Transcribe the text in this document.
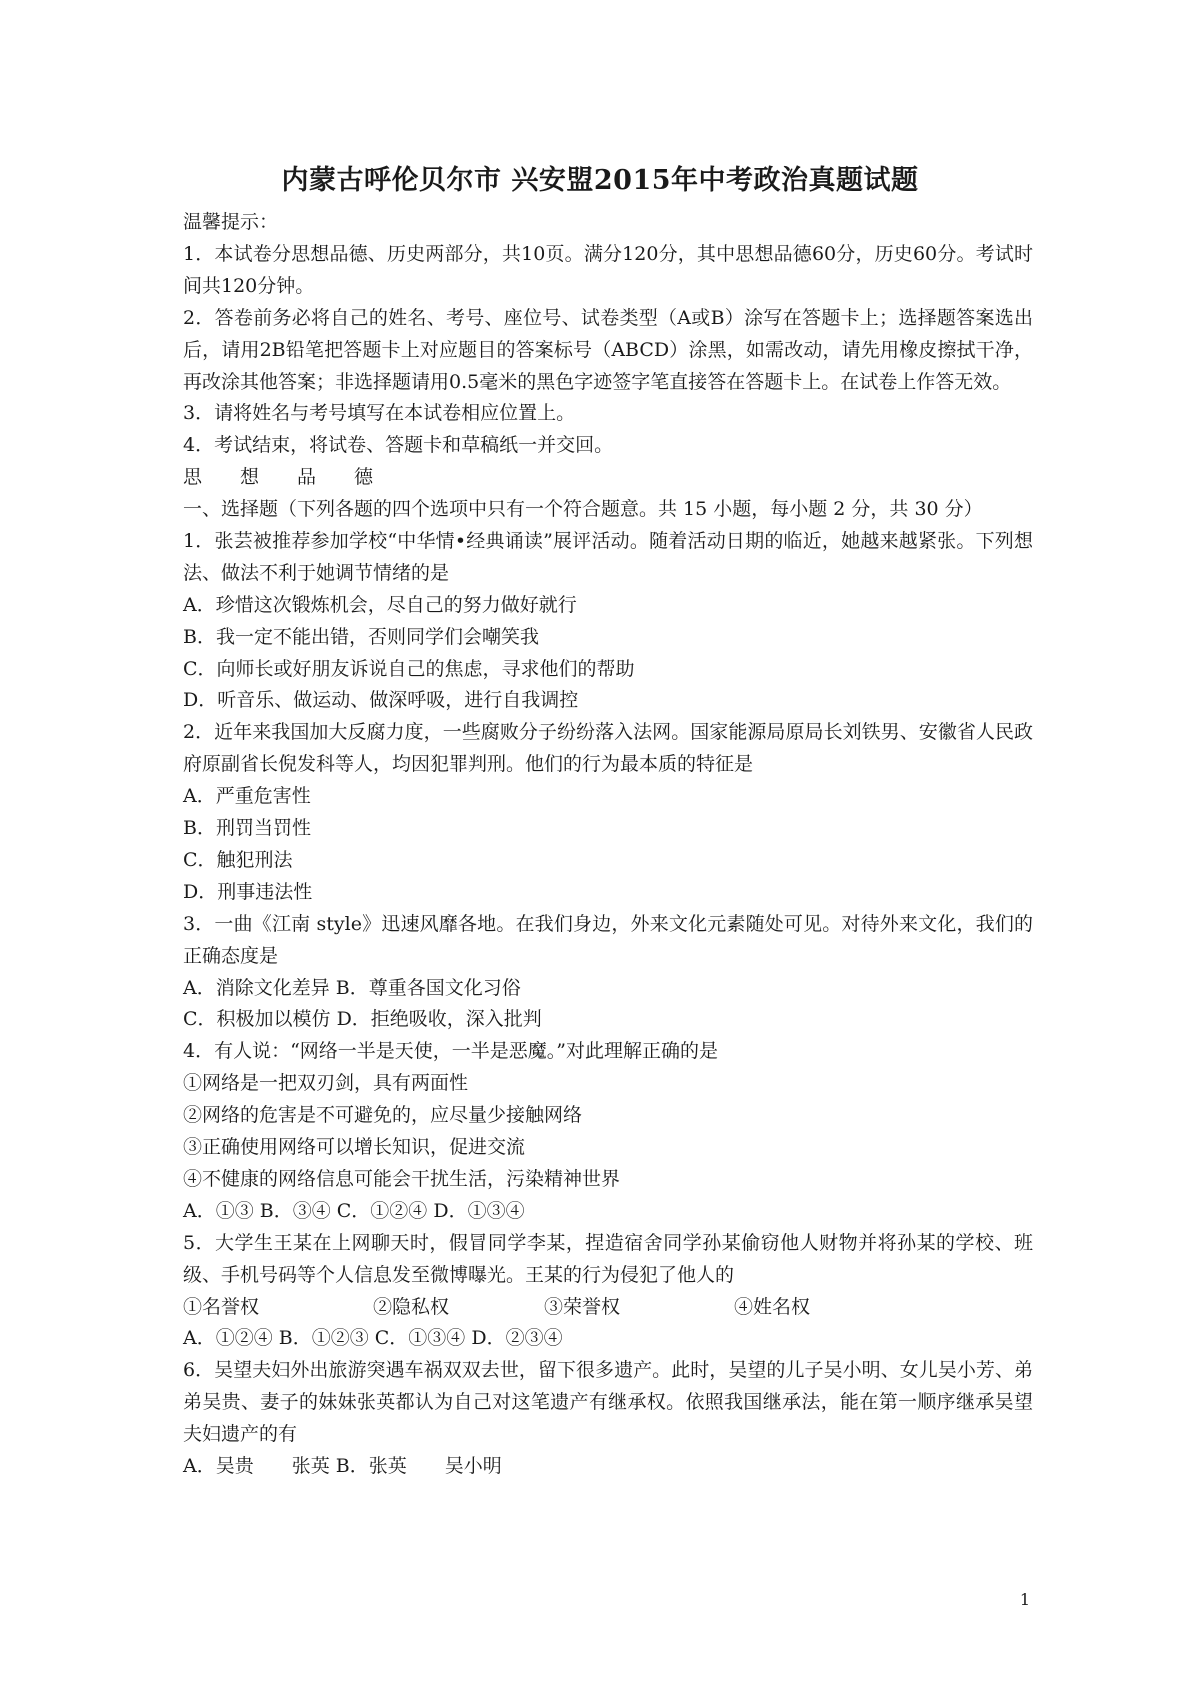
内蒙古呼伦贝尔市 兴安盟2015年中考政治真题试题
温馨提示：
1．本试卷分思想品德、历史两部分，共10页。满分120分，其中思想品德60分，历史60分。考试时间共120分钟。
2．答卷前务必将自己的姓名、考号、座位号、试卷类型（A或B）涂写在答题卡上；选择题答案选出后，请用2B铅笔把答题卡上对应题目的答案标号（ABCD）涂黑，如需改动，请先用橡皮擦拭干净，再改涂其他答案；非选择题请用0.5毫米的黑色字迹签字笔直接答在答题卡上。在试卷上作答无效。
3．请将姓名与考号填写在本试卷相应位置上。
4．考试结束，将试卷、答题卡和草稿纸一并交回。
思　　想　　品　　德
一、选择题（下列各题的四个选项中只有一个符合题意。共 15 小题，每小题 2 分，共 30 分）
1．张芸被推荐参加学校“中华情•经典诵读”展评活动。随着活动日期的临近，她越来越紧张。下列想法、做法不利于她调节情绪的是
A．珍惜这次锻炼机会，尽自己的努力做好就行
B．我一定不能出错，否则同学们会嘲笑我
C．向师长或好朋友诉说自己的焦虑，寻求他们的帮助
D．听音乐、做运动、做深呼吸，进行自我调控
2．近年来我国加大反腐力度，一些腐败分子纷纷落入法网。国家能源局原局长刘铁男、安徽省人民政府原副省长倪发科等人，均因犯罪判刑。他们的行为最本质的特征是
A．严重危害性
B．刑罚当罚性
C．触犯刑法
D．刑事违法性
3．一曲《江南 style》迅速风靡各地。在我们身边，外来文化元素随处可见。对待外来文化，我们的正确态度是
A．消除文化差异 B．尊重各国文化习俗
C．积极加以模仿 D．拒绝吸收，深入批判
4．有人说：“网络一半是天使，一半是恶魔。”对此理解正确的是
①网络是一把双刃剑，具有两面性
②网络的危害是不可避免的，应尽量少接触网络
③正确使用网络可以增长知识，促进交流
④不健康的网络信息可能会干扰生活，污染精神世界
A．①③ B．③④ C．①②④ D．①③④
5．大学生王某在上网聊天时，假冒同学李某，捏造宿舍同学孙某偷窃他人财物并将孙某的学校、班级、手机号码等个人信息发至微博曝光。王某的行为侵犯了他人的
①名誉权　　　　　　②隐私权　　　　　③荣誉权　　　　　　④姓名权
A．①②④ B．①②③ C．①③④ D．②③④
6．吴望夫妇外出旅游突遇车祸双双去世，留下很多遗产。此时，吴望的儿子吴小明、女儿吴小芳、弟弟吴贵、妻子的妹妹张英都认为自己对这笔遗产有继承权。依照我国继承法，能在第一顺序继承吴望夫妇遗产的有
A．吴贵　　张英 B．张英　　吴小明
1
